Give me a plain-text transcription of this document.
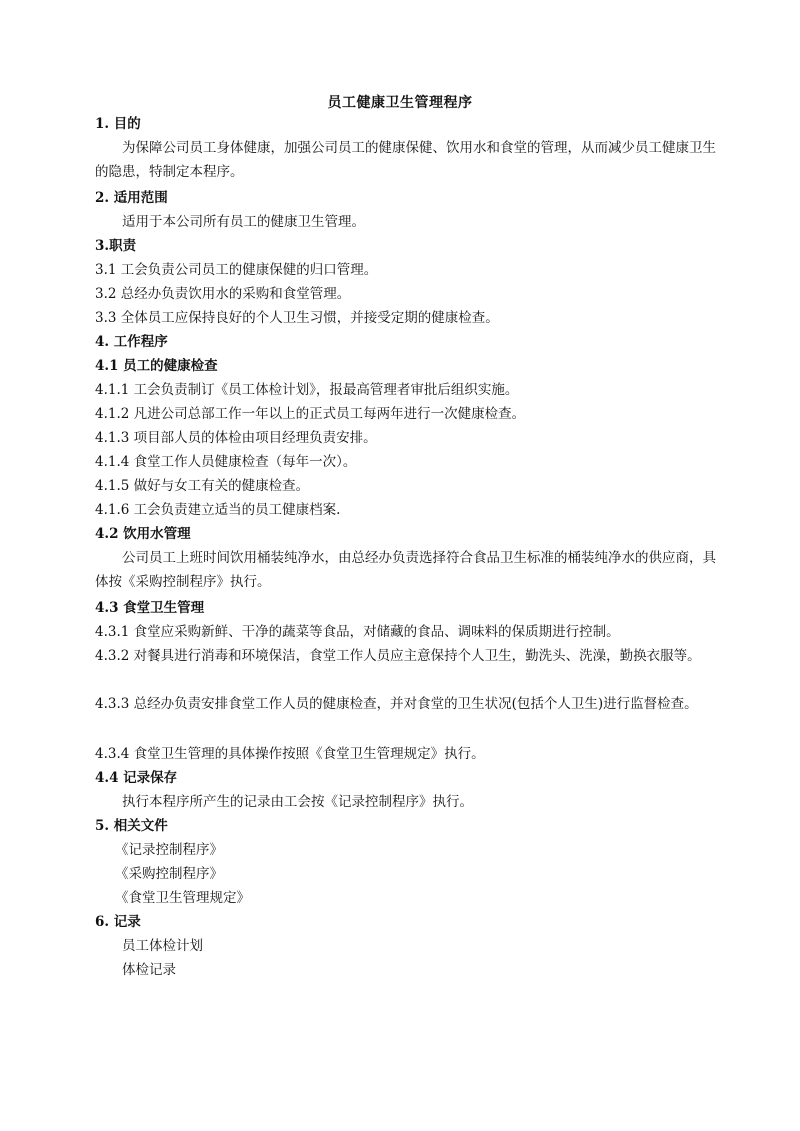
员工健康卫生管理程序
1. 目的
为保障公司员工身体健康，加强公司员工的健康保健、饮用水和食堂的管理，从而减少员工健康卫生的隐患，特制定本程序。
2. 适用范围
适用于本公司所有员工的健康卫生管理。
3.职责
3.1 工会负责公司员工的健康保健的归口管理。
3.2 总经办负责饮用水的采购和食堂管理。
3.3 全体员工应保持良好的个人卫生习惯，并接受定期的健康检查。
4. 工作程序
4.1 员工的健康检查
4.1.1 工会负责制订《员工体检计划》，报最高管理者审批后组织实施。
4.1.2 凡进公司总部工作一年以上的正式员工每两年进行一次健康检查。
4.1.3 项目部人员的体检由项目经理负责安排。
4.1.4 食堂工作人员健康检查（每年一次）。
4.1.5 做好与女工有关的健康检查。
4.1.6 工会负责建立适当的员工健康档案.
4.2 饮用水管理
公司员工上班时间饮用桶装纯净水，由总经办负责选择符合食品卫生标准的桶装纯净水的供应商，具体按《采购控制程序》执行。
4.3 食堂卫生管理
4.3.1 食堂应采购新鲜、干净的蔬菜等食品，对储藏的食品、调味料的保质期进行控制。
4.3.2 对餐具进行消毒和环境保洁，食堂工作人员应主意保持个人卫生，勤洗头、洗澡，勤换衣服等。
4.3.3 总经办负责安排食堂工作人员的健康检查，并对食堂的卫生状况(包括个人卫生)进行监督检查。
4.3.4 食堂卫生管理的具体操作按照《食堂卫生管理规定》执行。
4.4 记录保存
执行本程序所产生的记录由工会按《记录控制程序》执行。
5. 相关文件
《记录控制程序》
《采购控制程序》
《食堂卫生管理规定》
6. 记录
员工体检计划
体检记录
